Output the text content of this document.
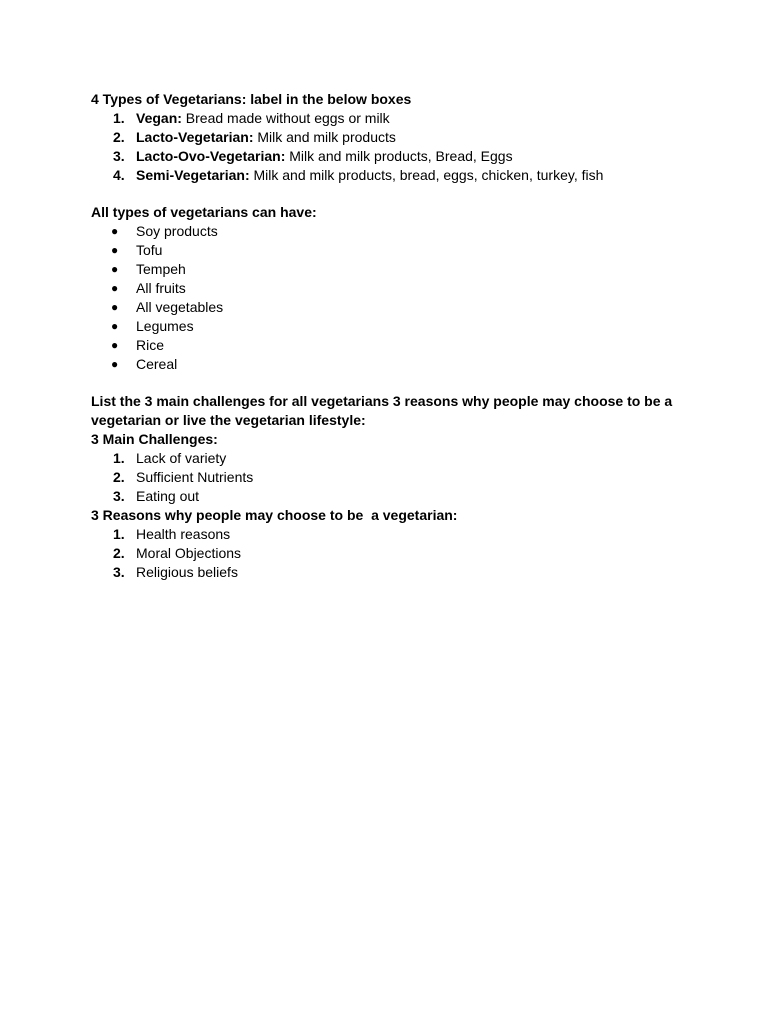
4 Types of Vegetarians: label in the below boxes

1. Vegan: Bread made without eggs or milk
2. Lacto-Vegetarian: Milk and milk products
3. Lacto-Ovo-Vegetarian: Milk and milk products, Bread, Eggs
4. Semi-Vegetarian: Milk and milk products, bread, eggs, chicken, turkey, fish

All types of vegetarians can have:

● Soy products
● Tofu
● Tempeh
● All fruits
● All vegetables
● Legumes
● Rice
● Cereal

List the 3 main challenges for all vegetarians 3 reasons why people may choose to be a vegetarian or live the vegetarian lifestyle:

3 Main Challenges:

1. Lack of variety
2. Sufficient Nutrients
3. Eating out

3 Reasons why people may choose to be  a vegetarian:

1. Health reasons
2. Moral Objections
3. Religious beliefs
